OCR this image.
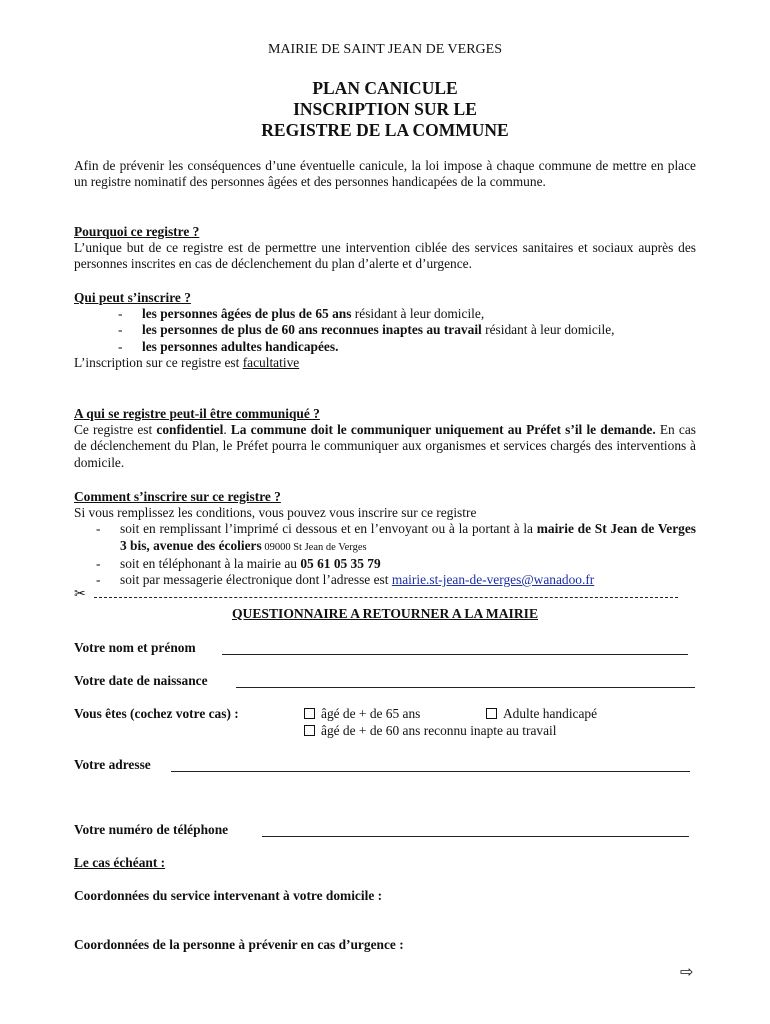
MAIRIE DE SAINT JEAN DE VERGES
PLAN CANICULE
INSCRIPTION SUR LE
REGISTRE DE LA COMMUNE
Afin de prévenir les conséquences d’une éventuelle canicule, la loi impose à chaque commune de mettre en place un registre nominatif des personnes âgées et des personnes handicapées de la commune.
Pourquoi ce registre ?
L’unique but de ce registre est de permettre une intervention ciblée des services sanitaires et sociaux auprès des personnes inscrites en cas de déclenchement du plan d’alerte et d’urgence.
Qui peut s’inscrire ?
- les personnes âgées de plus de 65 ans résidant à leur domicile,
- les personnes de plus de 60 ans reconnues inaptes au travail résidant à leur domicile,
- les personnes adultes handicapées.
L’inscription sur ce registre est facultative
A qui se registre peut-il être communiqué ?
Ce registre est confidentiel. La commune doit le communiquer uniquement au Préfet s’il le demande. En cas de déclenchement du Plan, le Préfet pourra le communiquer aux organismes et services chargés des interventions à domicile.
Comment s’inscrire sur ce registre ?
Si vous remplissez les conditions, vous pouvez vous inscrire sur ce registre
- soit en remplissant l’imprimé ci dessous et en l’envoyant ou à la portant à la mairie de St Jean de Verges 3 bis, avenue des écoliers 09000 St Jean de Verges
- soit en téléphonant à la mairie au 05 61 05 35 79
- soit par messagerie électronique dont l’adresse est mairie.st-jean-de-verges@wanadoo.fr
✂
QUESTIONNAIRE A RETOURNER A LA MAIRIE
Votre nom et prénom
Votre date de naissance
Vous êtes (cochez votre cas) :	âgé de + de 65 ans	Adulte handicapé
âgé de + de 60 ans reconnu inapte au travail
Votre adresse
Votre numéro de téléphone
Le cas échéant :
Coordonnées du service intervenant à votre domicile :
Coordonnées de la personne à prévenir en cas d’urgence :
⇨
